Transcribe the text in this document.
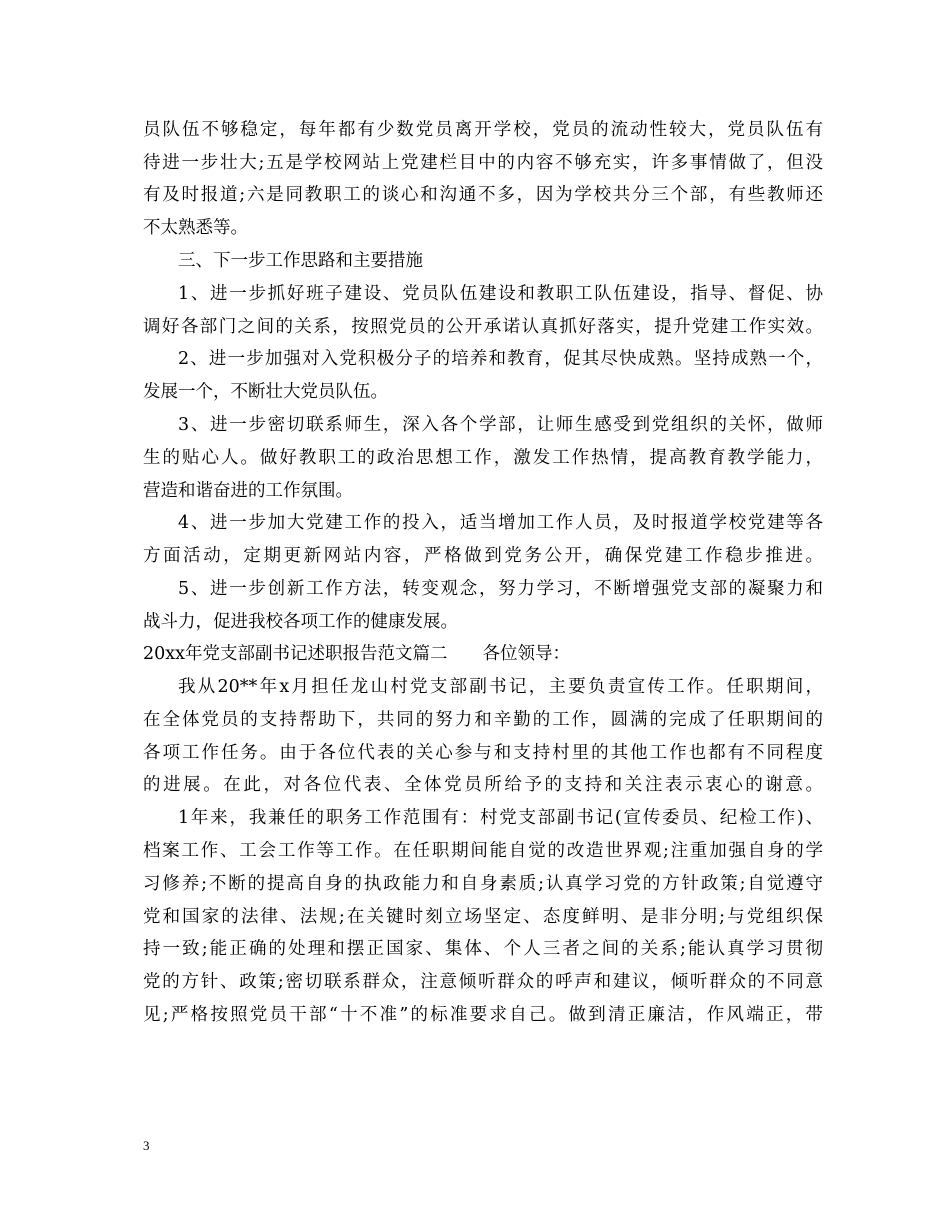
员队伍不够稳定，每年都有少数党员离开学校，党员的流动性较大，党员队伍有
待进一步壮大;五是学校网站上党建栏目中的内容不够充实，许多事情做了，但没
有及时报道;六是同教职工的谈心和沟通不多，因为学校共分三个部，有些教师还
不太熟悉等。
三、下一步工作思路和主要措施
1、进一步抓好班子建设、党员队伍建设和教职工队伍建设，指导、督促、协
调好各部门之间的关系，按照党员的公开承诺认真抓好落实，提升党建工作实效。
2、进一步加强对入党积极分子的培养和教育，促其尽快成熟。坚持成熟一个，
发展一个，不断壮大党员队伍。
3、进一步密切联系师生，深入各个学部，让师生感受到党组织的关怀，做师
生的贴心人。做好教职工的政治思想工作，激发工作热情，提高教育教学能力，
营造和谐奋进的工作氛围。
4、进一步加大党建工作的投入，适当增加工作人员，及时报道学校党建等各
方面活动，定期更新网站内容，严格做到党务公开，确保党建工作稳步推进。
5、进一步创新工作方法，转变观念，努力学习，不断增强党支部的凝聚力和
战斗力，促进我校各项工作的健康发展。
20xx年党支部副书记述职报告范文篇二　　各位领导：
我从20**年x月担任龙山村党支部副书记，主要负责宣传工作。任职期间，
在全体党员的支持帮助下，共同的努力和辛勤的工作，圆满的完成了任职期间的
各项工作任务。由于各位代表的关心参与和支持村里的其他工作也都有不同程度
的进展。在此，对各位代表、全体党员所给予的支持和关注表示衷心的谢意。
1年来，我兼任的职务工作范围有：村党支部副书记(宣传委员、纪检工作)、
档案工作、工会工作等工作。在任职期间能自觉的改造世界观;注重加强自身的学
习修养;不断的提高自身的执政能力和自身素质;认真学习党的方针政策;自觉遵守
党和国家的法律、法规;在关键时刻立场坚定、态度鲜明、是非分明;与党组织保
持一致;能正确的处理和摆正国家、集体、个人三者之间的关系;能认真学习贯彻
党的方针、政策;密切联系群众，注意倾听群众的呼声和建议，倾听群众的不同意
见;严格按照党员干部“十不准”的标准要求自己。做到清正廉洁，作风端正，带
3
